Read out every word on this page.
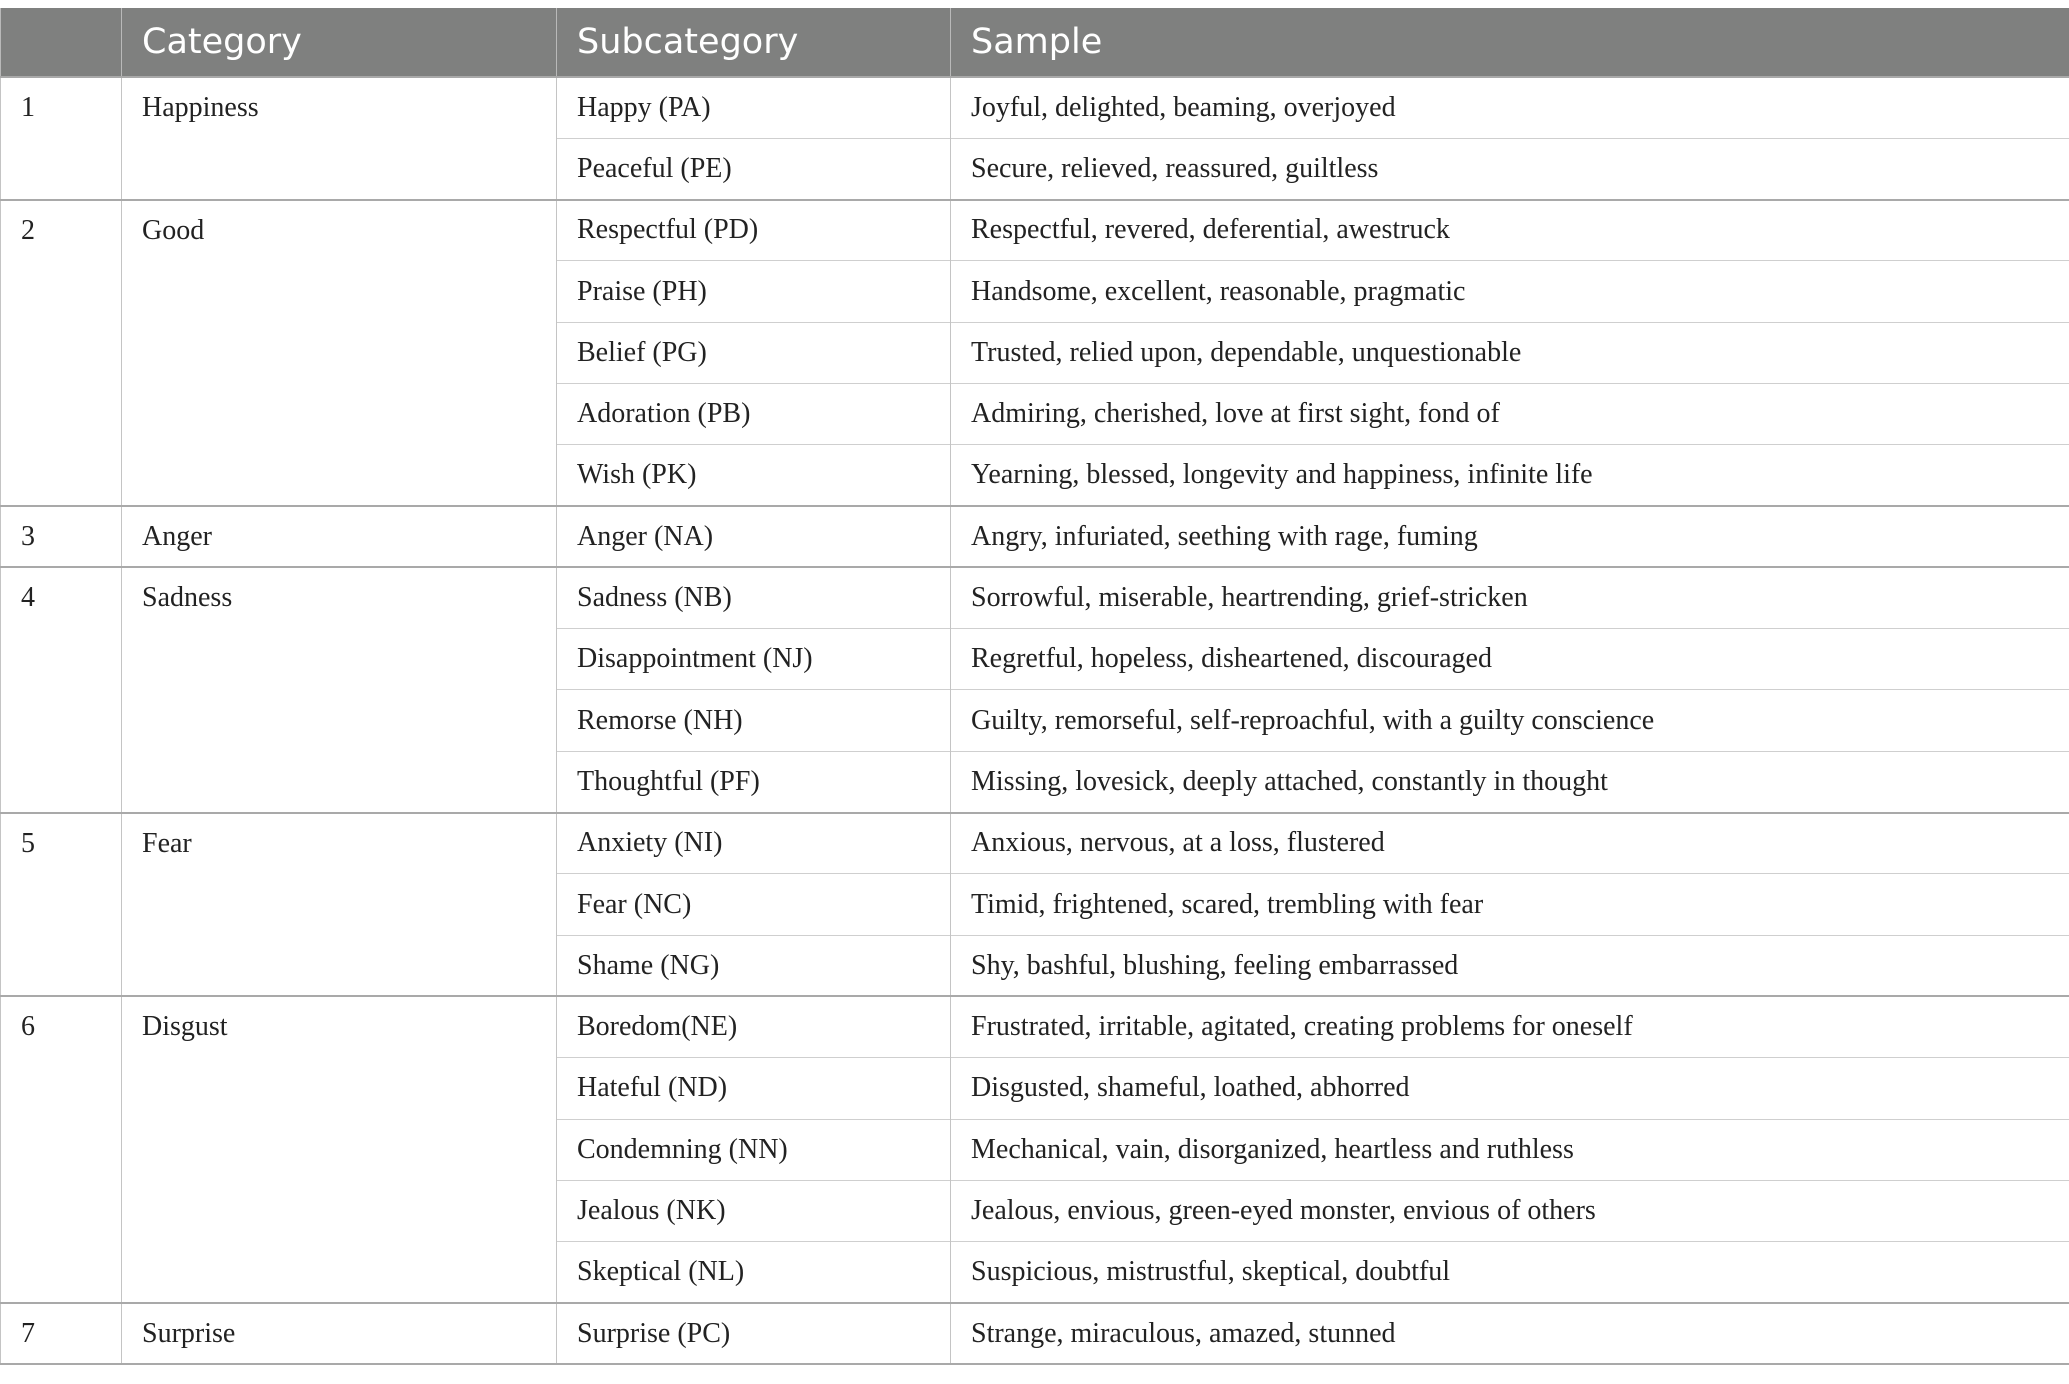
	Category	Subcategory	Sample
1	Happiness	Happy (PA)	Joyful, delighted, beaming, overjoyed
		Peaceful (PE)	Secure, relieved, reassured, guiltless
2	Good	Respectful (PD)	Respectful, revered, deferential, awestruck
		Praise (PH)	Handsome, excellent, reasonable, pragmatic
		Belief (PG)	Trusted, relied upon, dependable, unquestionable
		Adoration (PB)	Admiring, cherished, love at first sight, fond of
		Wish (PK)	Yearning, blessed, longevity and happiness, infinite life
3	Anger	Anger (NA)	Angry, infuriated, seething with rage, fuming
4	Sadness	Sadness (NB)	Sorrowful, miserable, heartrending, grief-stricken
		Disappointment (NJ)	Regretful, hopeless, disheartened, discouraged
		Remorse (NH)	Guilty, remorseful, self-reproachful, with a guilty conscience
		Thoughtful (PF)	Missing, lovesick, deeply attached, constantly in thought
5	Fear	Anxiety (NI)	Anxious, nervous, at a loss, flustered
		Fear (NC)	Timid, frightened, scared, trembling with fear
		Shame (NG)	Shy, bashful, blushing, feeling embarrassed
6	Disgust	Boredom(NE)	Frustrated, irritable, agitated, creating problems for oneself
		Hateful (ND)	Disgusted, shameful, loathed, abhorred
		Condemning (NN)	Mechanical, vain, disorganized, heartless and ruthless
		Jealous (NK)	Jealous, envious, green-eyed monster, envious of others
		Skeptical (NL)	Suspicious, mistrustful, skeptical, doubtful
7	Surprise	Surprise (PC)	Strange, miraculous, amazed, stunned
